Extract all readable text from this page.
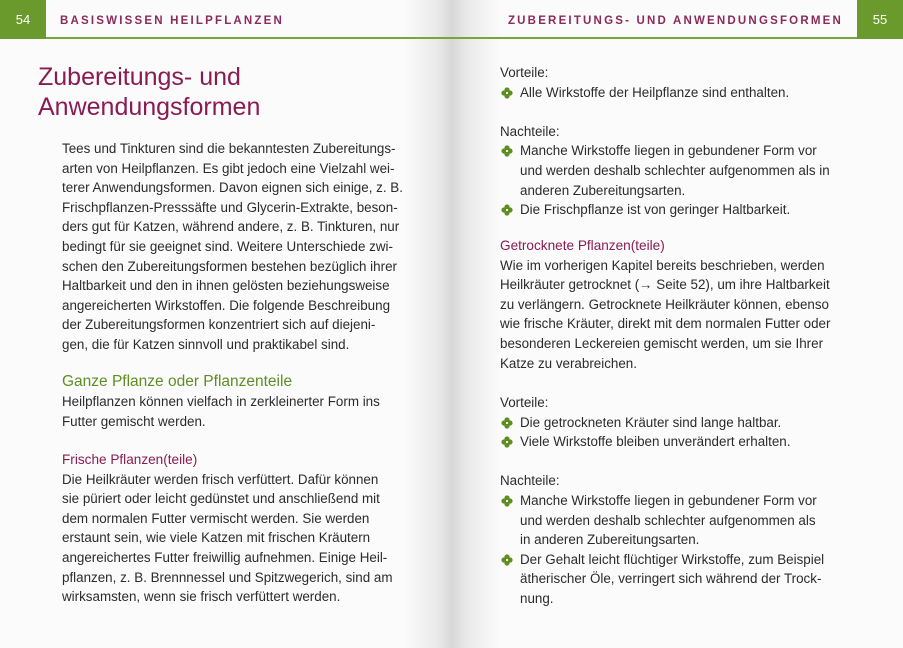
54	BASISWISSEN HEILPFLANZEN
Zubereitungs- und
Anwendungsformen
Tees und Tinkturen sind die bekanntesten Zubereitungs-
arten von Heilpflanzen. Es gibt jedoch eine Vielzahl wei-
terer Anwendungsformen. Davon eignen sich einige, z. B.
Frischpflanzen-Presssäfte und Glycerin-Extrakte, beson-
ders gut für Katzen, während andere, z. B. Tinkturen, nur
bedingt für sie geeignet sind. Weitere Unterschiede zwi-
schen den Zubereitungsformen bestehen bezüglich ihrer
Haltbarkeit und den in ihnen gelösten beziehungsweise
angereicherten Wirkstoffen. Die folgende Beschreibung
der Zubereitungsformen konzentriert sich auf diejeni-
gen, die für Katzen sinnvoll und praktikabel sind.
Ganze Pflanze oder Pflanzenteile
Heilpflanzen können vielfach in zerkleinerter Form ins
Futter gemischt werden.
Frische Pflanzen(teile)
Die Heilkräuter werden frisch verfüttert. Dafür können
sie püriert oder leicht gedünstet und anschließend mit
dem normalen Futter vermischt werden. Sie werden
erstaunt sein, wie viele Katzen mit frischen Kräutern
angereichertes Futter freiwillig aufnehmen. Einige Heil-
pflanzen, z. B. Brennnessel und Spitzwegerich, sind am
wirksamsten, wenn sie frisch verfüttert werden.
ZUBEREITUNGS- UND ANWENDUNGSFORMEN	55
Vorteile:
Alle Wirkstoffe der Heilpflanze sind enthalten.
Nachteile:
Manche Wirkstoffe liegen in gebundener Form vor
und werden deshalb schlechter aufgenommen als in
anderen Zubereitungsarten.
Die Frischpflanze ist von geringer Haltbarkeit.
Getrocknete Pflanzen(teile)
Wie im vorherigen Kapitel bereits beschrieben, werden
Heilkräuter getrocknet (→ Seite 52), um ihre Haltbarkeit
zu verlängern. Getrocknete Heilkräuter können, ebenso
wie frische Kräuter, direkt mit dem normalen Futter oder
besonderen Leckereien gemischt werden, um sie Ihrer
Katze zu verabreichen.
Vorteile:
Die getrockneten Kräuter sind lange haltbar.
Viele Wirkstoffe bleiben unverändert erhalten.
Nachteile:
Manche Wirkstoffe liegen in gebundener Form vor
und werden deshalb schlechter aufgenommen als
in anderen Zubereitungsarten.
Der Gehalt leicht flüchtiger Wirkstoffe, zum Beispiel
ätherischer Öle, verringert sich während der Trock-
nung.
